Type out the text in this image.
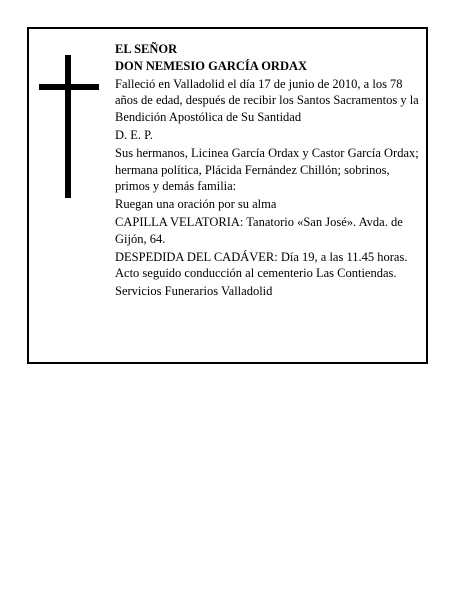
EL SEÑOR

DON NEMESIO GARCÍA ORDAX

Falleció en Valladolid el día 17 de junio de 2010, a los 78 años de edad, después de recibir los Santos Sacramentos y la Bendición Apostólica de Su Santidad

D. E. P.

Sus hermanos, Licinea García Ordax y Castor García Ordax; hermana política, Plácida Fernández Chillón; sobrinos, primos y demás familia:

Ruegan una oración por su alma

CAPILLA VELATORIA: Tanatorio «San José». Avda. de Gijón, 64.

DESPEDIDA DEL CADÁVER: Día 19, a las 11.45 horas. Acto seguido conducción al cementerio Las Contiendas.

Servicios Funerarios Valladolid
